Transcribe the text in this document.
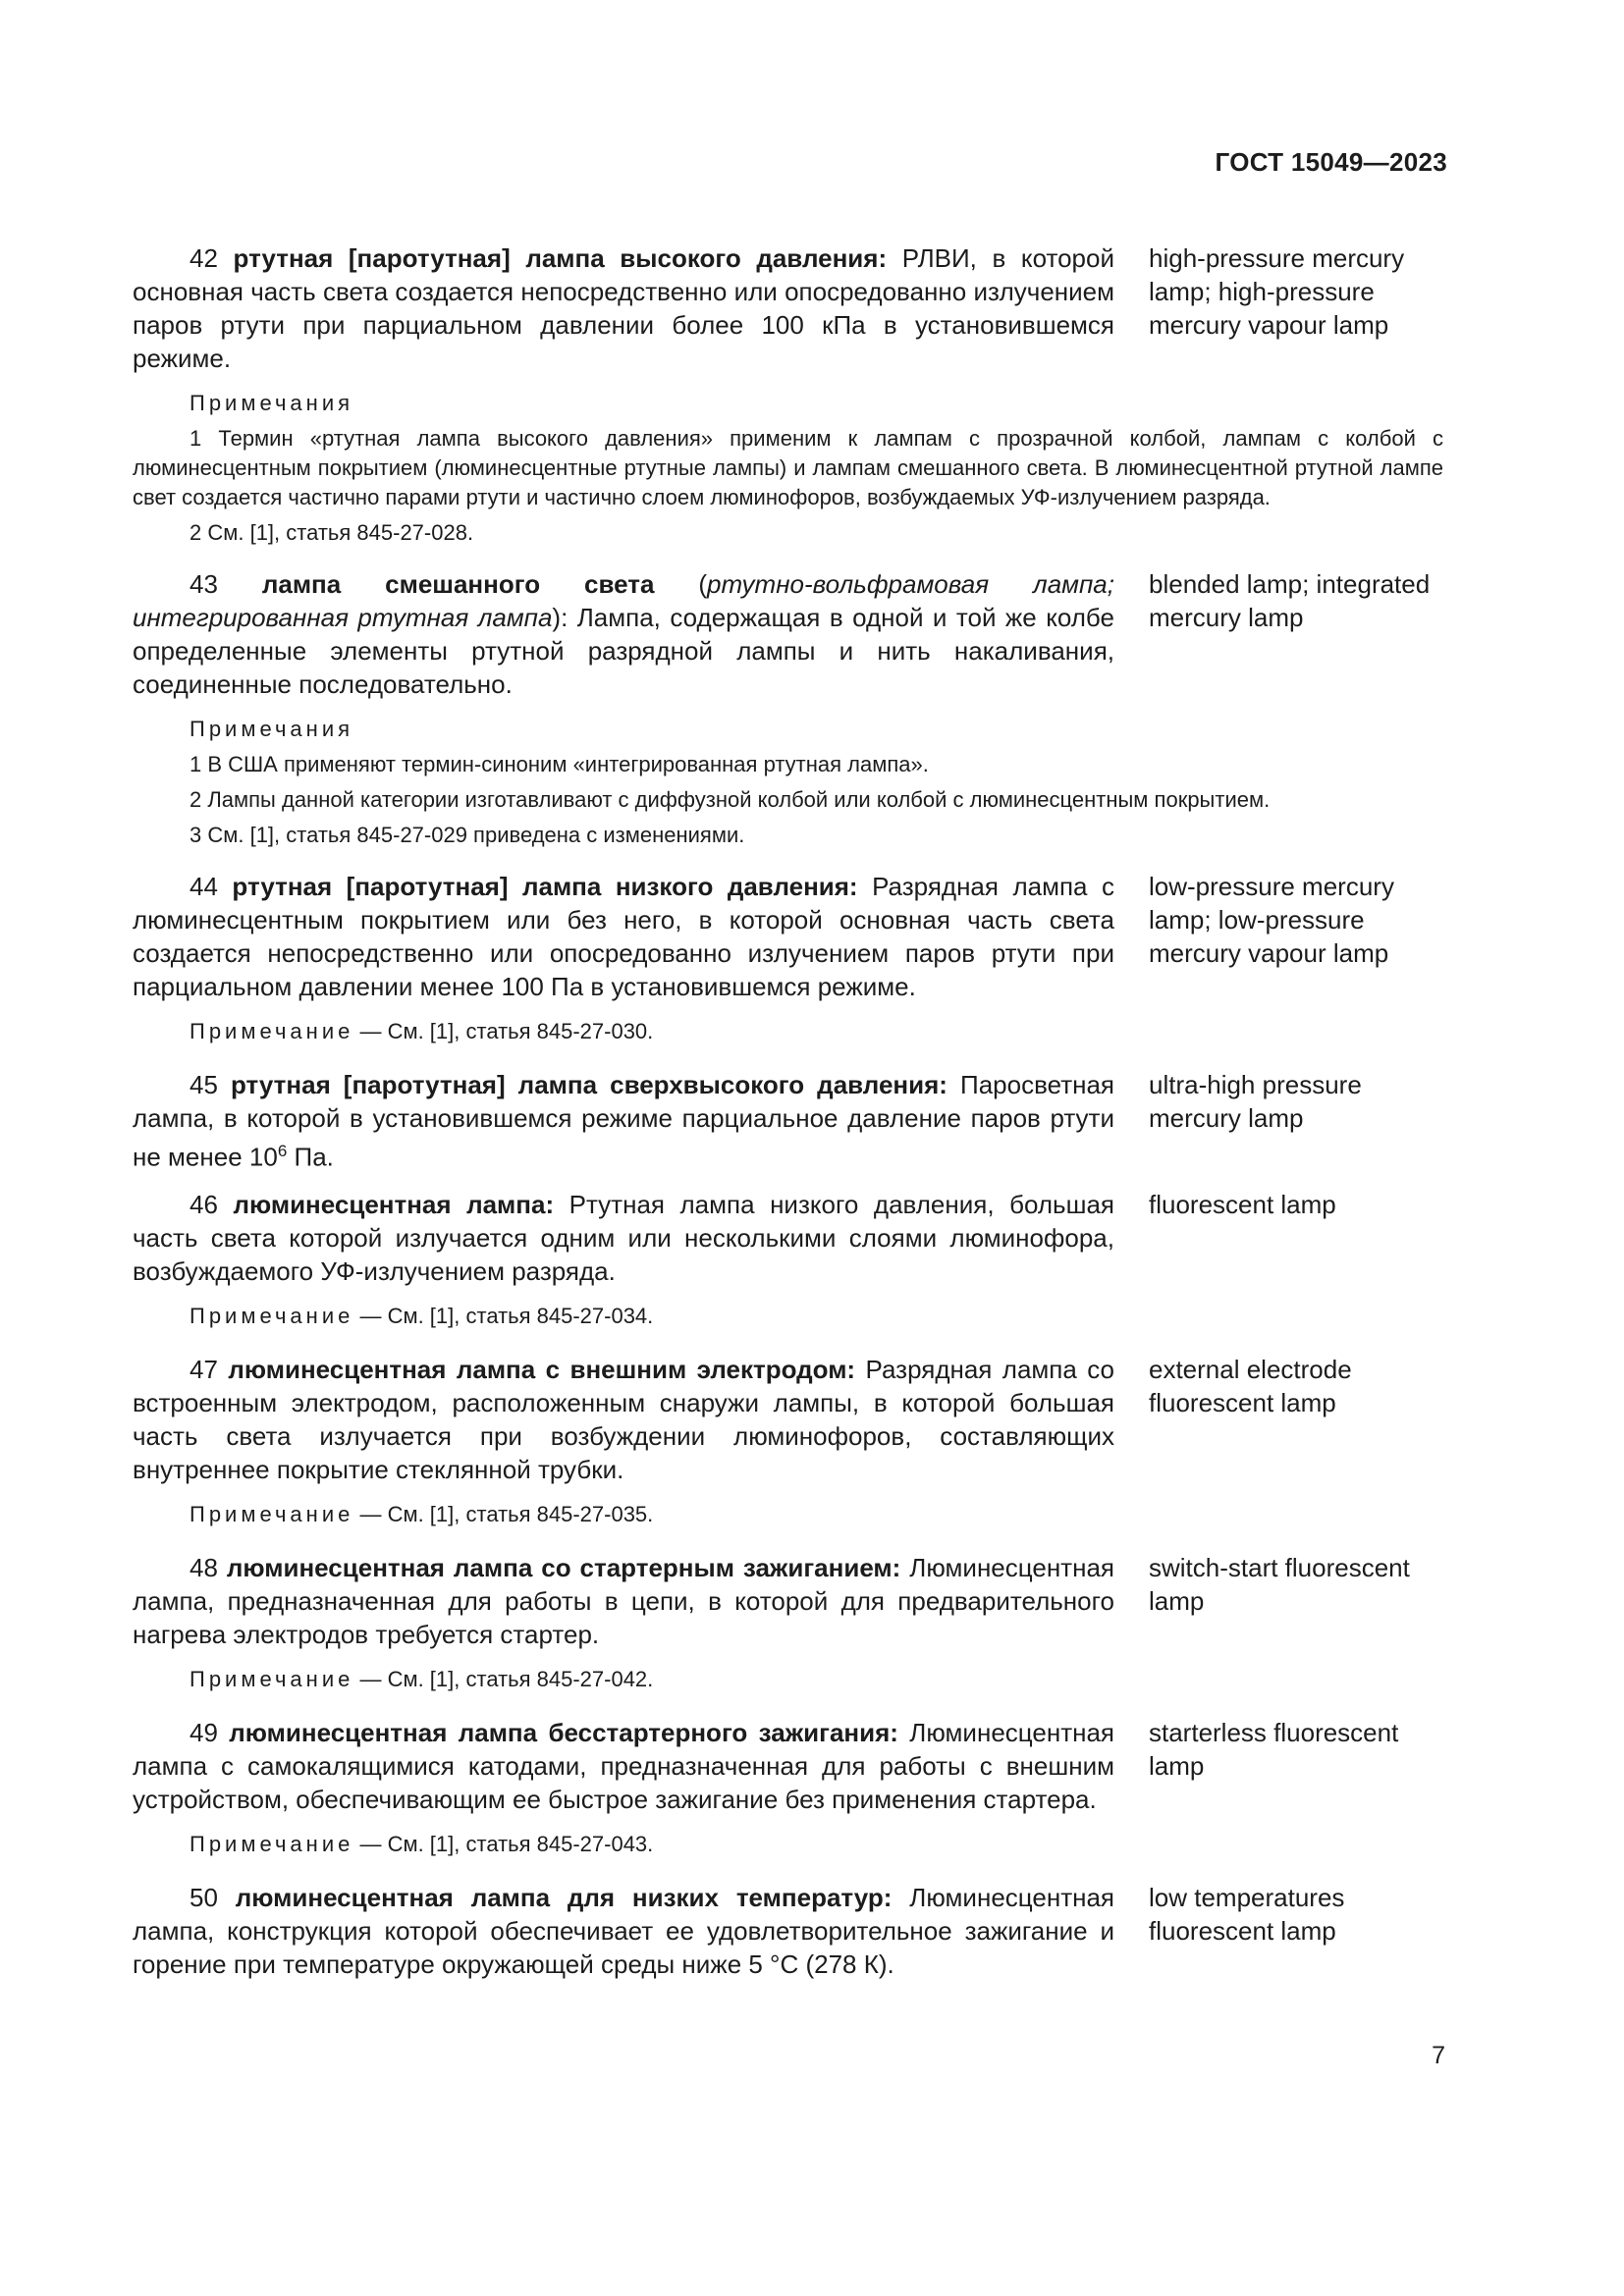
ГОСТ 15049—2023
42 ртутная [паротутная] лампа высокого давления: РЛВИ, в которой основная часть света создается непосредственно или опосредованно излучением паров ртути при парциальном давлении более 100 кПа в установившемся режиме.
high-pressure mercury lamp; high-pressure mercury vapour lamp
Примечания
1 Термин «ртутная лампа высокого давления» применим к лампам с прозрачной колбой, лампам с колбой с люминесцентным покрытием (люминесцентные ртутные лампы) и лампам смешанного света. В люминесцентной ртутной лампе свет создается частично парами ртути и частично слоем люминофоров, возбуждаемых УФ-излучением разряда.
2 См. [1], статья 845-27-028.
43 лампа смешанного света (ртутно-вольфрамовая лампа; интегрированная ртутная лампа): Лампа, содержащая в одной и той же колбе определенные элементы ртутной разрядной лампы и нить накаливания, соединенные последовательно.
blended lamp; integrated mercury lamp
Примечания
1 В США применяют термин-синоним «интегрированная ртутная лампа».
2 Лампы данной категории изготавливают с диффузной колбой или колбой с люминесцентным покрытием.
3 См. [1], статья 845-27-029 приведена с изменениями.
44 ртутная [паротутная] лампа низкого давления: Разрядная лампа с люминесцентным покрытием или без него, в которой основная часть света создается непосредственно или опосредованно излучением паров ртути при парциальном давлении менее 100 Па в установившемся режиме.
low-pressure mercury lamp; low-pressure mercury vapour lamp
Примечание — См. [1], статья 845-27-030.
45 ртутная [паротутная] лампа сверхвысокого давления: Паросветная лампа, в которой в установившемся режиме парциальное давление паров ртути не менее $10^6$ Па.
ultra-high pressure mercury lamp
46 люминесцентная лампа: Ртутная лампа низкого давления, большая часть света которой излучается одним или несколькими слоями люминофора, возбуждаемого УФ-излучением разряда.
fluorescent lamp
Примечание — См. [1], статья 845-27-034.
47 люминесцентная лампа с внешним электродом: Разрядная лампа со встроенным электродом, расположенным снаружи лампы, в которой большая часть света излучается при возбуждении люминофоров, составляющих внутреннее покрытие стеклянной трубки.
external electrode fluorescent lamp
Примечание — См. [1], статья 845-27-035.
48 люминесцентная лампа со стартерным зажиганием: Люминесцентная лампа, предназначенная для работы в цепи, в которой для предварительного нагрева электродов требуется стартер.
switch-start fluorescent lamp
Примечание — См. [1], статья 845-27-042.
49 люминесцентная лампа бесстартерного зажигания: Люминесцентная лампа с самокалящимися катодами, предназначенная для работы с внешним устройством, обеспечивающим ее быстрое зажигание без применения стартера.
starterless fluorescent lamp
Примечание — См. [1], статья 845-27-043.
50 люминесцентная лампа для низких температур: Люминесцентная лампа, конструкция которой обеспечивает ее удовлетворительное зажигание и горение при температуре окружающей среды ниже 5 °С (278 К).
low temperatures fluorescent lamp
7
